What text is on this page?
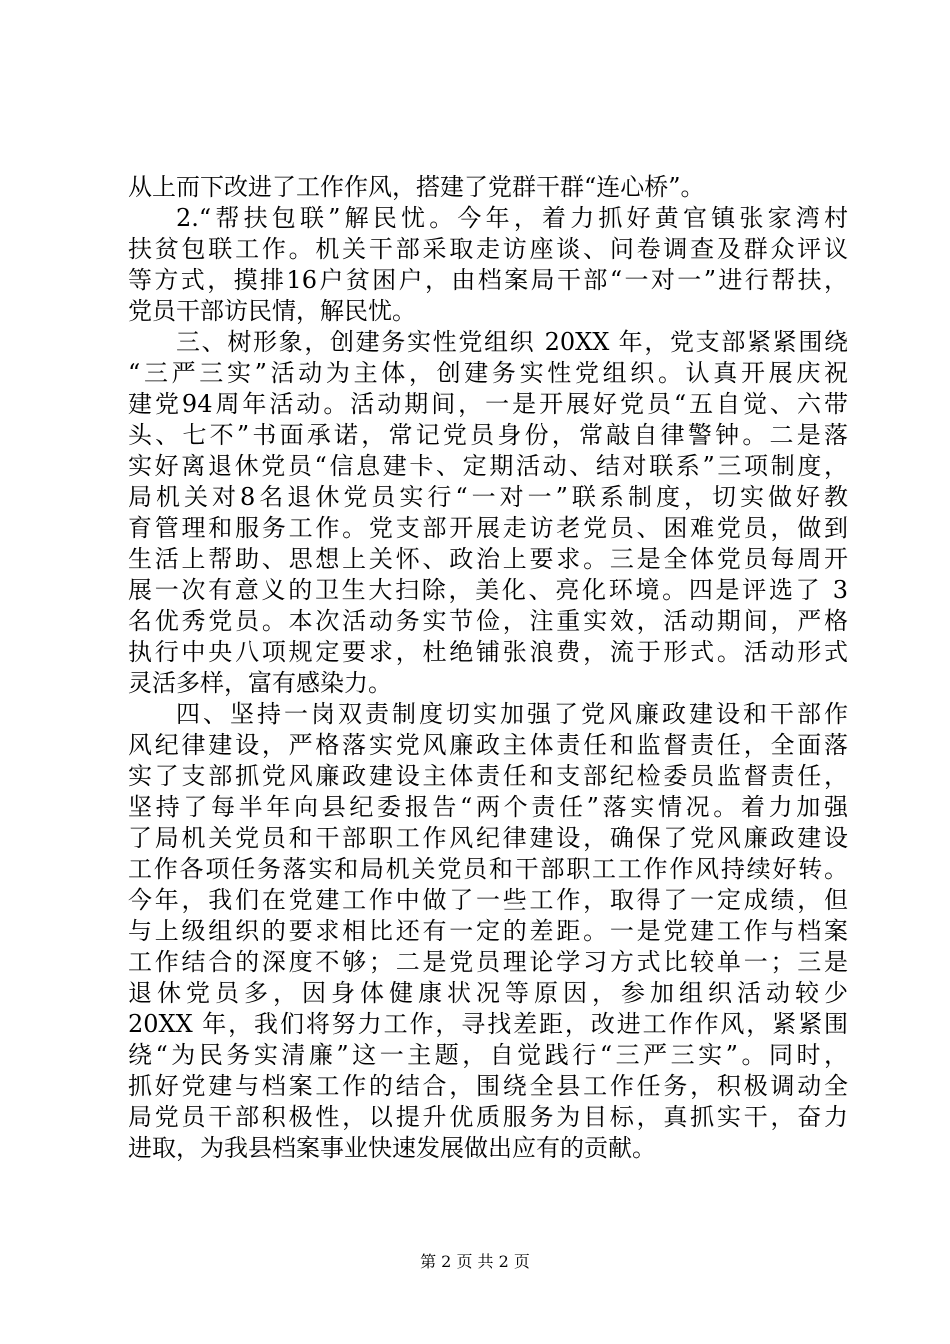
从上而下改进了工作作风，搭建了党群干群“连心桥”。
2.“帮扶包联”解民忧。今年，着力抓好黄官镇张家湾村
扶贫包联工作。机关干部采取走访座谈、问卷调查及群众评议
等方式，摸排16户贫困户，由档案局干部“一对一”进行帮扶，
党员干部访民情，解民忧。
三、树形象，创建务实性党组织 20XX 年，党支部紧紧围绕
“三严三实”活动为主体，创建务实性党组织。认真开展庆祝
建党94周年活动。活动期间，一是开展好党员“五自觉、六带
头、七不”书面承诺，常记党员身份，常敲自律警钟。二是落
实好离退休党员“信息建卡、定期活动、结对联系”三项制度，
局机关对8名退休党员实行“一对一”联系制度，切实做好教
育管理和服务工作。党支部开展走访老党员、困难党员，做到
生活上帮助、思想上关怀、政治上要求。三是全体党员每周开
展一次有意义的卫生大扫除，美化、亮化环境。四是评选了 3
名优秀党员。本次活动务实节俭，注重实效，活动期间，严格
执行中央八项规定要求，杜绝铺张浪费，流于形式。活动形式
灵活多样，富有感染力。
四、坚持一岗双责制度切实加强了党风廉政建设和干部作
风纪律建设，严格落实党风廉政主体责任和监督责任，全面落
实了支部抓党风廉政建设主体责任和支部纪检委员监督责任，
坚持了每半年向县纪委报告“两个责任”落实情况。着力加强
了局机关党员和干部职工作风纪律建设，确保了党风廉政建设
工作各项任务落实和局机关党员和干部职工工作作风持续好转。
今年，我们在党建工作中做了一些工作，取得了一定成绩，但
与上级组织的要求相比还有一定的差距。一是党建工作与档案
工作结合的深度不够；二是党员理论学习方式比较单一；三是
退休党员多，因身体健康状况等原因，参加组织活动较少
20XX 年，我们将努力工作，寻找差距，改进工作作风，紧紧围
绕“为民务实清廉”这一主题，自觉践行“三严三实”。同时，
抓好党建与档案工作的结合，围绕全县工作任务，积极调动全
局党员干部积极性，以提升优质服务为目标，真抓实干，奋力
进取，为我县档案事业快速发展做出应有的贡献。
第 2 页 共 2 页
